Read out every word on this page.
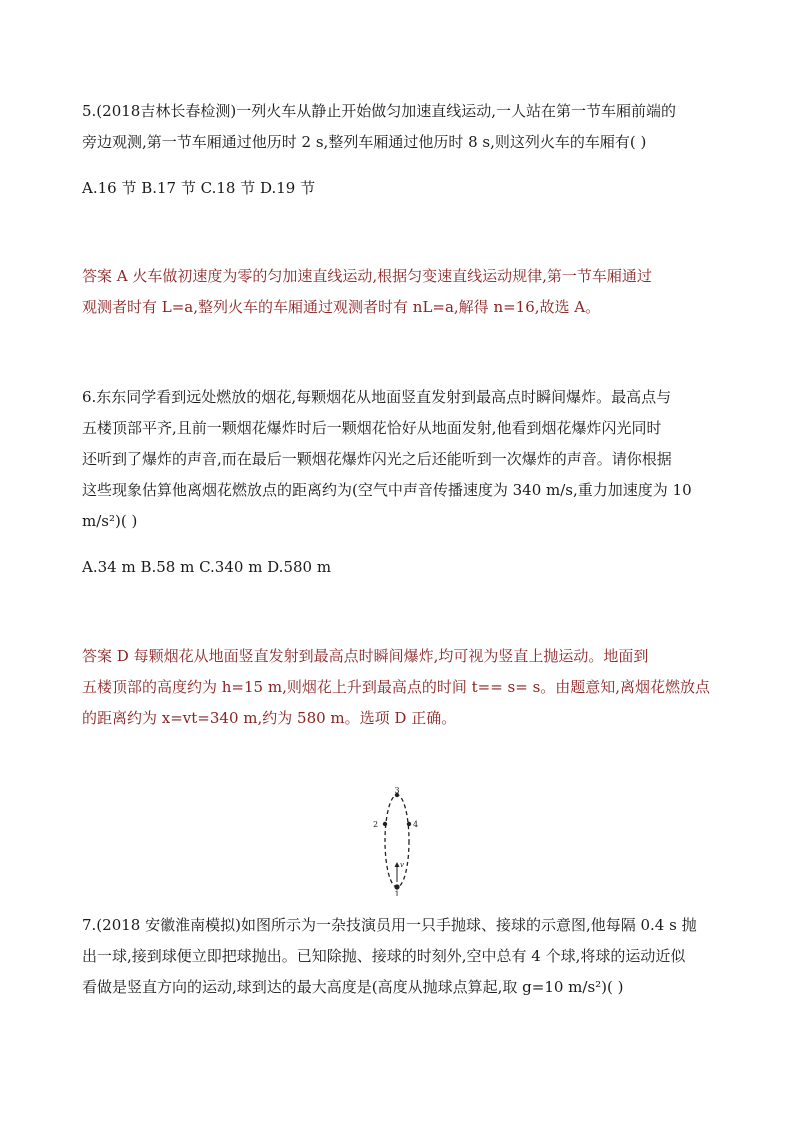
5.(2018吉林长春检测)一列火车从静止开始做匀加速直线运动,一人站在第一节车厢前端的
旁边观测,第一节车厢通过他历时 2 s,整列车厢通过他历时 8 s,则这列火车的车厢有( )
A.16 节 B.17 节 C.18 节 D.19 节
答案 A 火车做初速度为零的匀加速直线运动,根据匀变速直线运动规律,第一节车厢通过
观测者时有 L=a,整列火车的车厢通过观测者时有 nL=a,解得 n=16,故选 A。
6.东东同学看到远处燃放的烟花,每颗烟花从地面竖直发射到最高点时瞬间爆炸。最高点与
五楼顶部平齐,且前一颗烟花爆炸时后一颗烟花恰好从地面发射,他看到烟花爆炸闪光同时
还听到了爆炸的声音,而在最后一颗烟花爆炸闪光之后还能听到一次爆炸的声音。请你根据
这些现象估算他离烟花燃放点的距离约为(空气中声音传播速度为 340 m/s,重力加速度为 10
m/s²)( )
A.34 m B.58 m C.340 m D.580 m
答案 D 每颗烟花从地面竖直发射到最高点时瞬间爆炸,均可视为竖直上抛运动。地面到
五楼顶部的高度约为 h=15 m,则烟花上升到最高点的时间 t== s= s。由题意知,离烟花燃放点
的距离约为 x=vt=340 m,约为 580 m。选项 D 正确。
v
1
2
3
4
7.(2018 安徽淮南模拟)如图所示为一杂技演员用一只手抛球、接球的示意图,他每隔 0.4 s 抛
出一球,接到球便立即把球抛出。已知除抛、接球的时刻外,空中总有 4 个球,将球的运动近似
看做是竖直方向的运动,球到达的最大高度是(高度从抛球点算起,取 g=10 m/s²)( )
